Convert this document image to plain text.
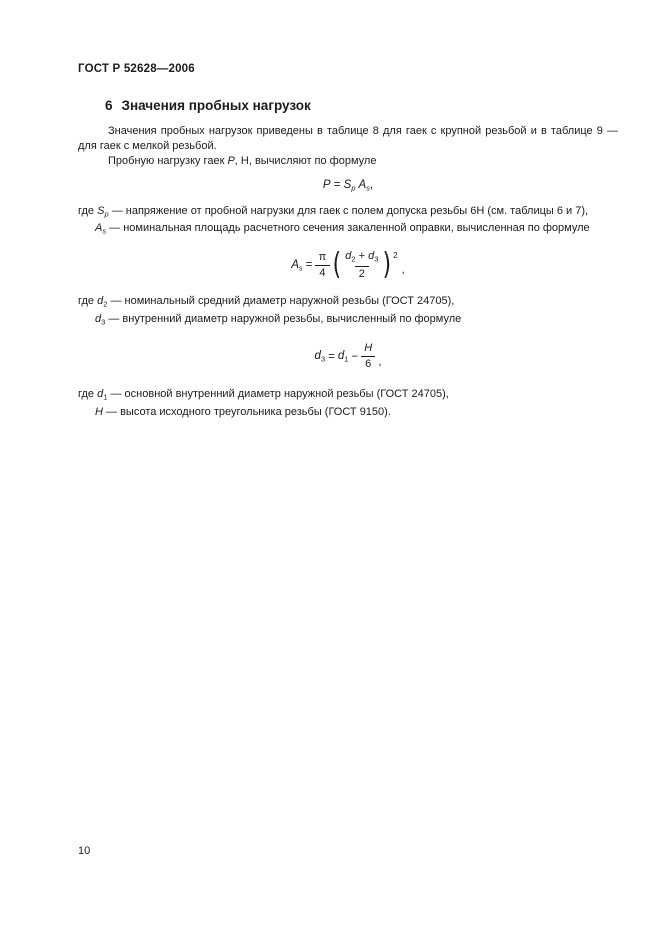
ГОСТ Р 52628—2006
6 Значения пробных нагрузок

Значения пробных нагрузок приведены в таблице 8 для гаек с крупной резьбой и в таблице 9 — для гаек с мелкой резьбой.

Пробную нагрузку гаек P, Н, вычисляют по формуле
$P = S_p$ $A_s$,
где $S_p$ — напряжение от пробной нагрузки для гаек с полем допуска резьбы 6Н (см. таблицы 6 и 7),
$A_s$ — номинальная площадь расчетного сечения закаленной оправки, вычисленная по формуле
$A_s = \frac{\pi}{4}$ ( $\frac{d_2 + d_3}{2}$ ) 2
,
где $d_2$ — номинальный средний диаметр наружной резьбы (ГОСТ 24705),
$d_3$ — внутренний диаметр наружной резьбы, вычисленный по формуле
$d_3 = d_1 - \frac{H}{6}$ ,
где $d_1$ — основной внутренний диаметр наружной резьбы (ГОСТ 24705),
H — высота исходного треугольника резьбы (ГОСТ 9150).
10
